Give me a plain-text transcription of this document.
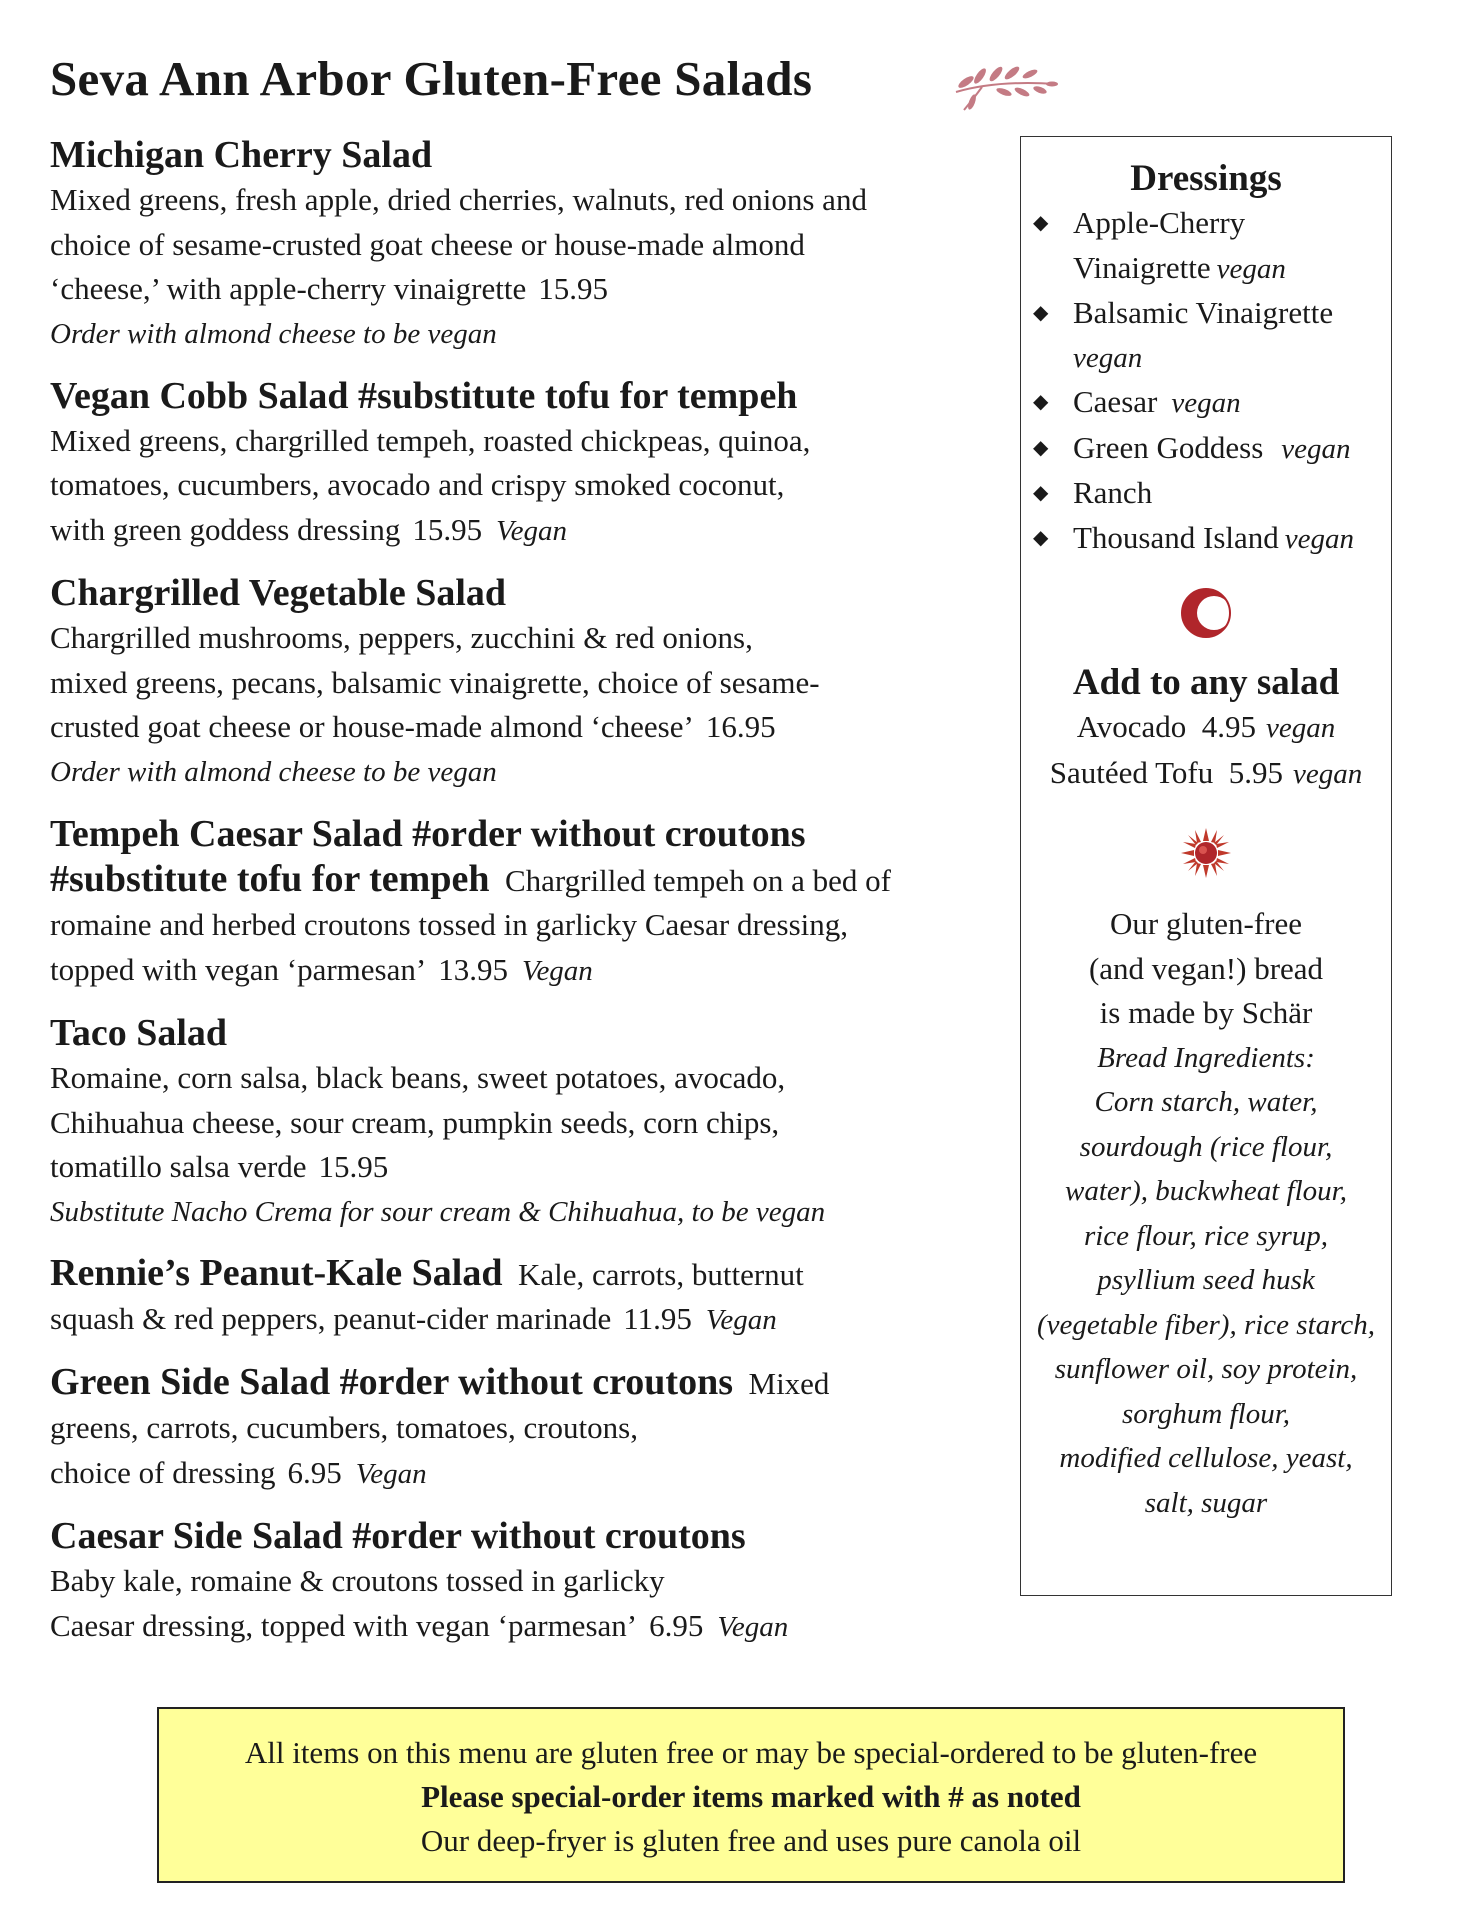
Seva Ann Arbor Gluten-Free Salads
Michigan Cherry Salad
Mixed greens, fresh apple, dried cherries, walnuts, red onions and
choice of sesame-crusted goat cheese or house-made almond
‘cheese,’ with apple-cherry vinaigrette 15.95
Order with almond cheese to be vegan
Vegan Cobb Salad #substitute tofu for tempeh
Mixed greens, chargrilled tempeh, roasted chickpeas, quinoa,
tomatoes, cucumbers, avocado and crispy smoked coconut,
with green goddess dressing 15.95 Vegan
Chargrilled Vegetable Salad
Chargrilled mushrooms, peppers, zucchini & red onions,
mixed greens, pecans, balsamic vinaigrette, choice of sesame-
crusted goat cheese or house-made almond ‘cheese’ 16.95
Order with almond cheese to be vegan
Tempeh Caesar Salad #order without croutons
#substitute tofu for tempeh Chargrilled tempeh on a bed of
romaine and herbed croutons tossed in garlicky Caesar dressing,
topped with vegan ‘parmesan’ 13.95 Vegan
Taco Salad
Romaine, corn salsa, black beans, sweet potatoes, avocado,
Chihuahua cheese, sour cream, pumpkin seeds, corn chips,
tomatillo salsa verde 15.95
Substitute Nacho Crema for sour cream & Chihuahua, to be vegan
Rennie’s Peanut-Kale Salad Kale, carrots, butternut
squash & red peppers, peanut-cider marinade 11.95 Vegan
Green Side Salad #order without croutons Mixed
greens, carrots, cucumbers, tomatoes, croutons,
choice of dressing 6.95 Vegan
Caesar Side Salad #order without croutons
Baby kale, romaine & croutons tossed in garlicky
Caesar dressing, topped with vegan ‘parmesan’ 6.95 Vegan
Dressings
◆ Apple-Cherry
Vinaigrette vegan
◆ Balsamic Vinaigrette
vegan
◆ Caesar vegan
◆ Green Goddess vegan
◆ Ranch
◆ Thousand Island vegan
Add to any salad
Avocado 4.95 vegan
Sautéed Tofu 5.95 vegan
Our gluten-free
(and vegan!) bread
is made by Schär
Bread Ingredients:
Corn starch, water,
sourdough (rice flour,
water), buckwheat flour,
rice flour, rice syrup,
psyllium seed husk
(vegetable fiber), rice starch,
sunflower oil, soy protein,
sorghum flour,
modified cellulose, yeast,
salt, sugar
All items on this menu are gluten free or may be special-ordered to be gluten-free
Please special-order items marked with # as noted
Our deep-fryer is gluten free and uses pure canola oil
